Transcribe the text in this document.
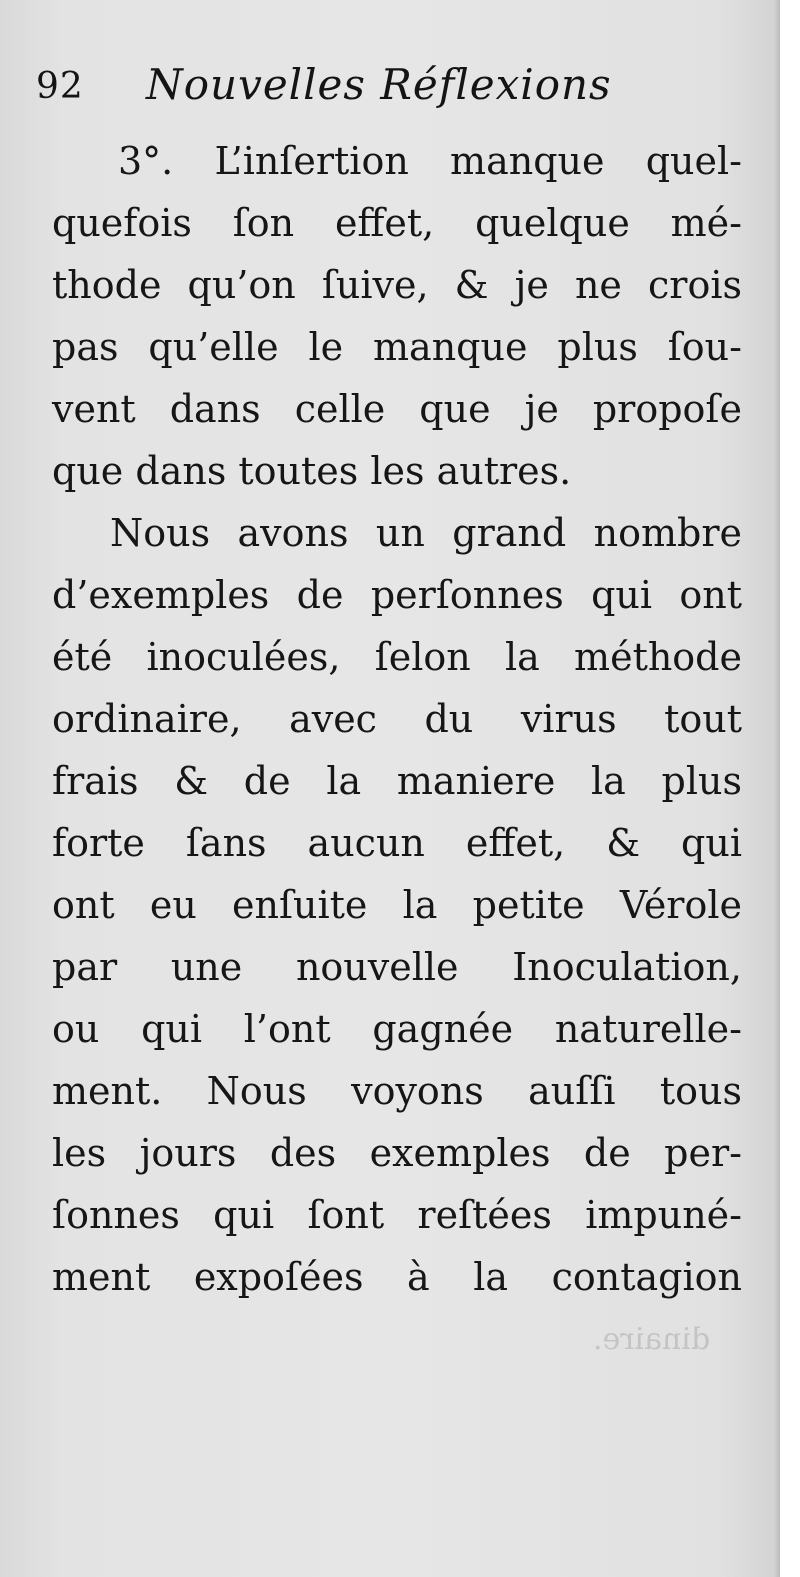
92 Nouvelles Réflexions
3°. L’inſertion manque quel-
quefois ſon effet, quelque mé-
thode qu’on ſuive, & je ne crois
pas qu’elle le manque plus ſou-
vent dans celle que je propoſe
que dans toutes les autres.
Nous avons un grand nombre
d’exemples de perſonnes qui ont
été inoculées, ſelon la méthode
ordinaire, avec du virus tout
frais & de la maniere la plus
forte ſans aucun effet, & qui
ont eu enſuite la petite Vérole
par une nouvelle Inoculation,
ou qui l’ont gagnée naturelle-
ment. Nous voyons auſſi tous
les jours des exemples de per-
ſonnes qui ſont reſtées impuné-
ment expoſées à la contagion
dinaire.
